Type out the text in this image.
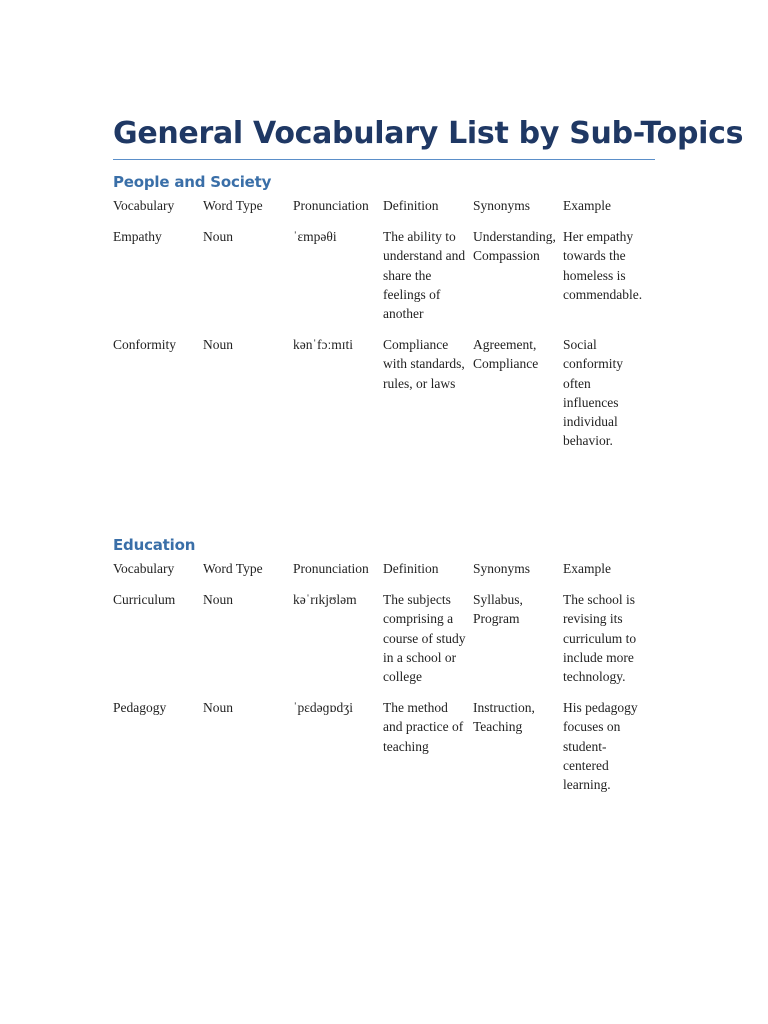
General Vocabulary List by Sub-Topics
People and Society
Vocabulary	Word Type	Pronunciation	Definition	Synonyms	Example
Empathy	Noun	ˈɛmpəθi	The ability to understand and share the feelings of another	Understanding, Compassion	Her empathy towards the homeless is commendable.
Conformity	Noun	kənˈfɔːmɪti	Compliance with standards, rules, or laws	Agreement, Compliance	Social conformity often influences individual behavior.
Education
Vocabulary	Word Type	Pronunciation	Definition	Synonyms	Example
Curriculum	Noun	kəˈrɪkjʊləm	The subjects comprising a course of study in a school or college	Syllabus, Program	The school is revising its curriculum to include more technology.
Pedagogy	Noun	ˈpɛdəɡɒdʒi	The method and practice of teaching	Instruction, Teaching	His pedagogy focuses on student-centered learning.
